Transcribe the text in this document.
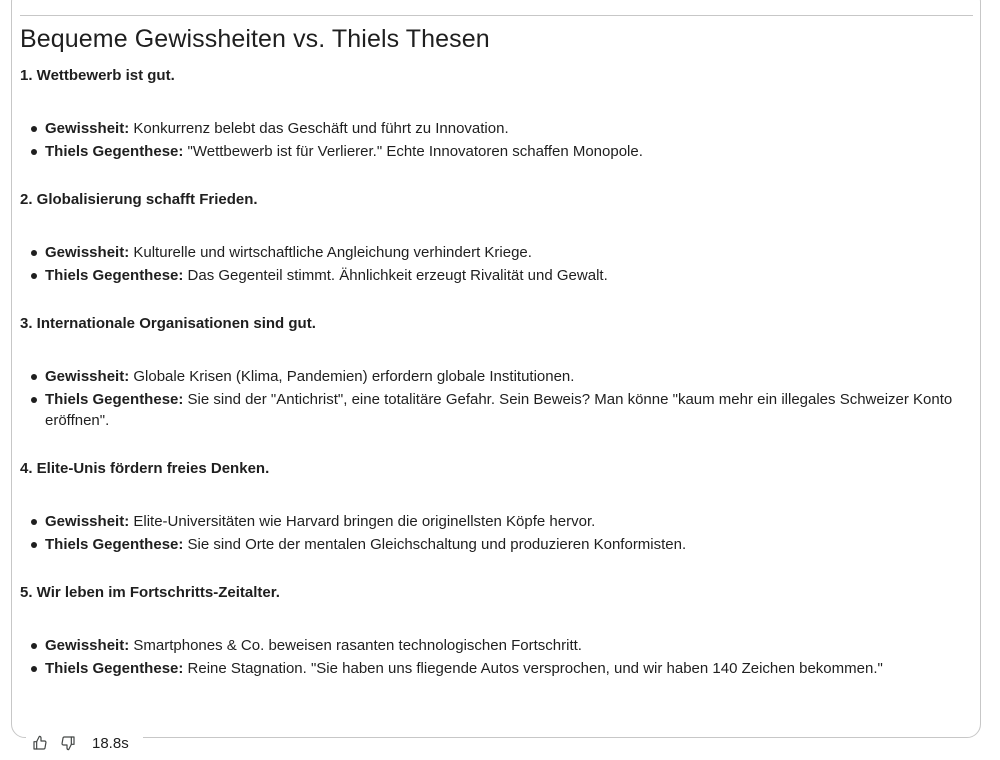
Bequeme Gewissheiten vs. Thiels Thesen

1. Wettbewerb ist gut.

Gewissheit: Konkurrenz belebt das Geschäft und führt zu Innovation.
Thiels Gegenthese: "Wettbewerb ist für Verlierer." Echte Innovatoren schaffen Monopole.

2. Globalisierung schafft Frieden.

Gewissheit: Kulturelle und wirtschaftliche Angleichung verhindert Kriege.
Thiels Gegenthese: Das Gegenteil stimmt. Ähnlichkeit erzeugt Rivalität und Gewalt.

3. Internationale Organisationen sind gut.

Gewissheit: Globale Krisen (Klima, Pandemien) erfordern globale Institutionen.
Thiels Gegenthese: Sie sind der "Antichrist", eine totalitäre Gefahr. Sein Beweis? Man könne "kaum mehr ein illegales Schweizer Konto eröffnen".

4. Elite-Unis fördern freies Denken.

Gewissheit: Elite-Universitäten wie Harvard bringen die originellsten Köpfe hervor.
Thiels Gegenthese: Sie sind Orte der mentalen Gleichschaltung und produzieren Konformisten.

5. Wir leben im Fortschritts-Zeitalter.

Gewissheit: Smartphones & Co. beweisen rasanten technologischen Fortschritt.
Thiels Gegenthese: Reine Stagnation. "Sie haben uns fliegende Autos versprochen, und wir haben 140 Zeichen bekommen."
18.8s
